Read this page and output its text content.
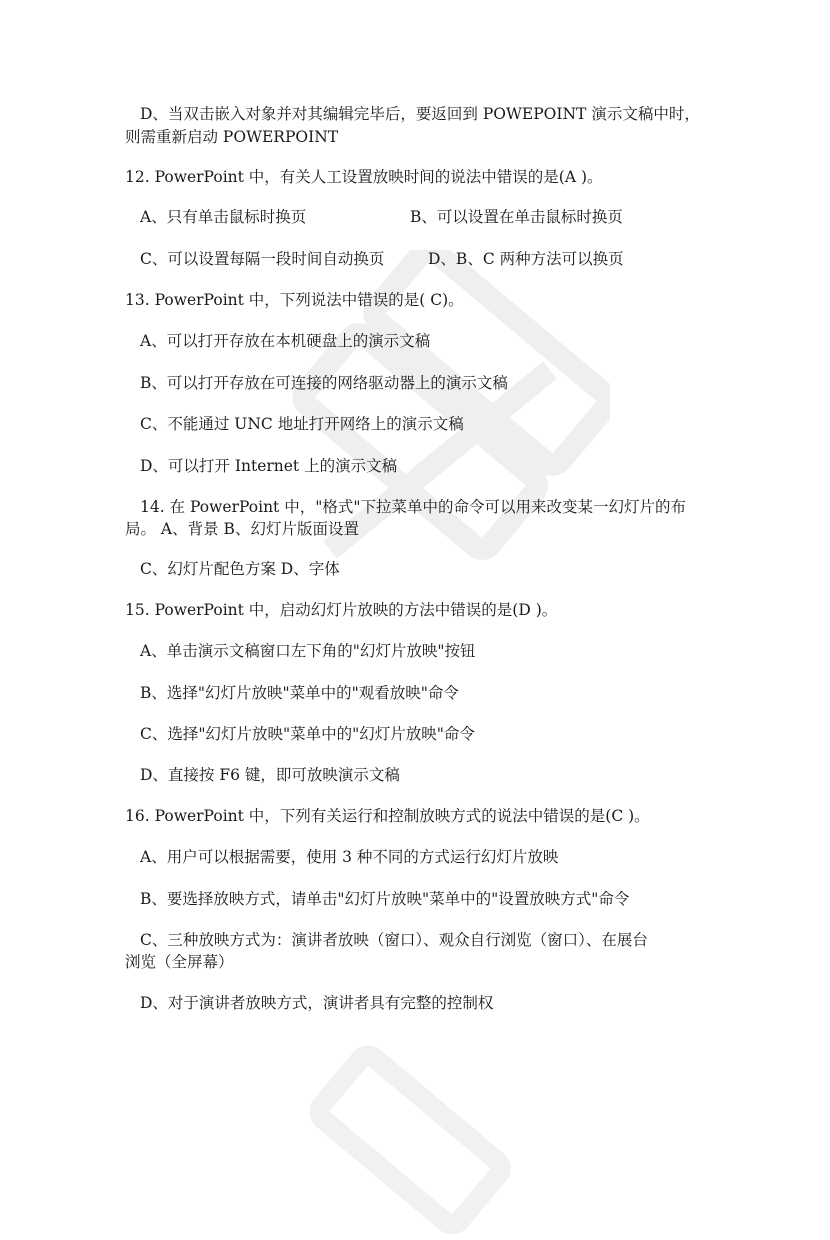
D、当双击嵌入对象并对其编辑完毕后，要返回到 POWEPOINT 演示文稿中时，
则需重新启动 POWERPOINT
12. PowerPoint 中，有关人工设置放映时间的说法中错误的是(A )。
A、只有单击鼠标时换页	B、可以设置在单击鼠标时换页
C、可以设置每隔一段时间自动换页	D、B、C 两种方法可以换页
13. PowerPoint 中，下列说法中错误的是( C)。
A、可以打开存放在本机硬盘上的演示文稿
B、可以打开存放在可连接的网络驱动器上的演示文稿
C、不能通过 UNC 地址打开网络上的演示文稿
D、可以打开 Internet 上的演示文稿
14. 在 PowerPoint 中，"格式"下拉菜单中的命令可以用来改变某一幻灯片的布
局。 A、背景 B、幻灯片版面设置
C、幻灯片配色方案 D、字体
15. PowerPoint 中，启动幻灯片放映的方法中错误的是(D )。
A、单击演示文稿窗口左下角的"幻灯片放映"按钮
B、选择"幻灯片放映"菜单中的"观看放映"命令
C、选择"幻灯片放映"菜单中的"幻灯片放映"命令
D、直接按 F6 键，即可放映演示文稿
16. PowerPoint 中，下列有关运行和控制放映方式的说法中错误的是(C )。
A、用户可以根据需要，使用 3 种不同的方式运行幻灯片放映
B、要选择放映方式，请单击"幻灯片放映"菜单中的"设置放映方式"命令
C、三种放映方式为：演讲者放映（窗口）、观众自行浏览（窗口）、在展台
浏览（全屏幕）
D、对于演讲者放映方式，演讲者具有完整的控制权
